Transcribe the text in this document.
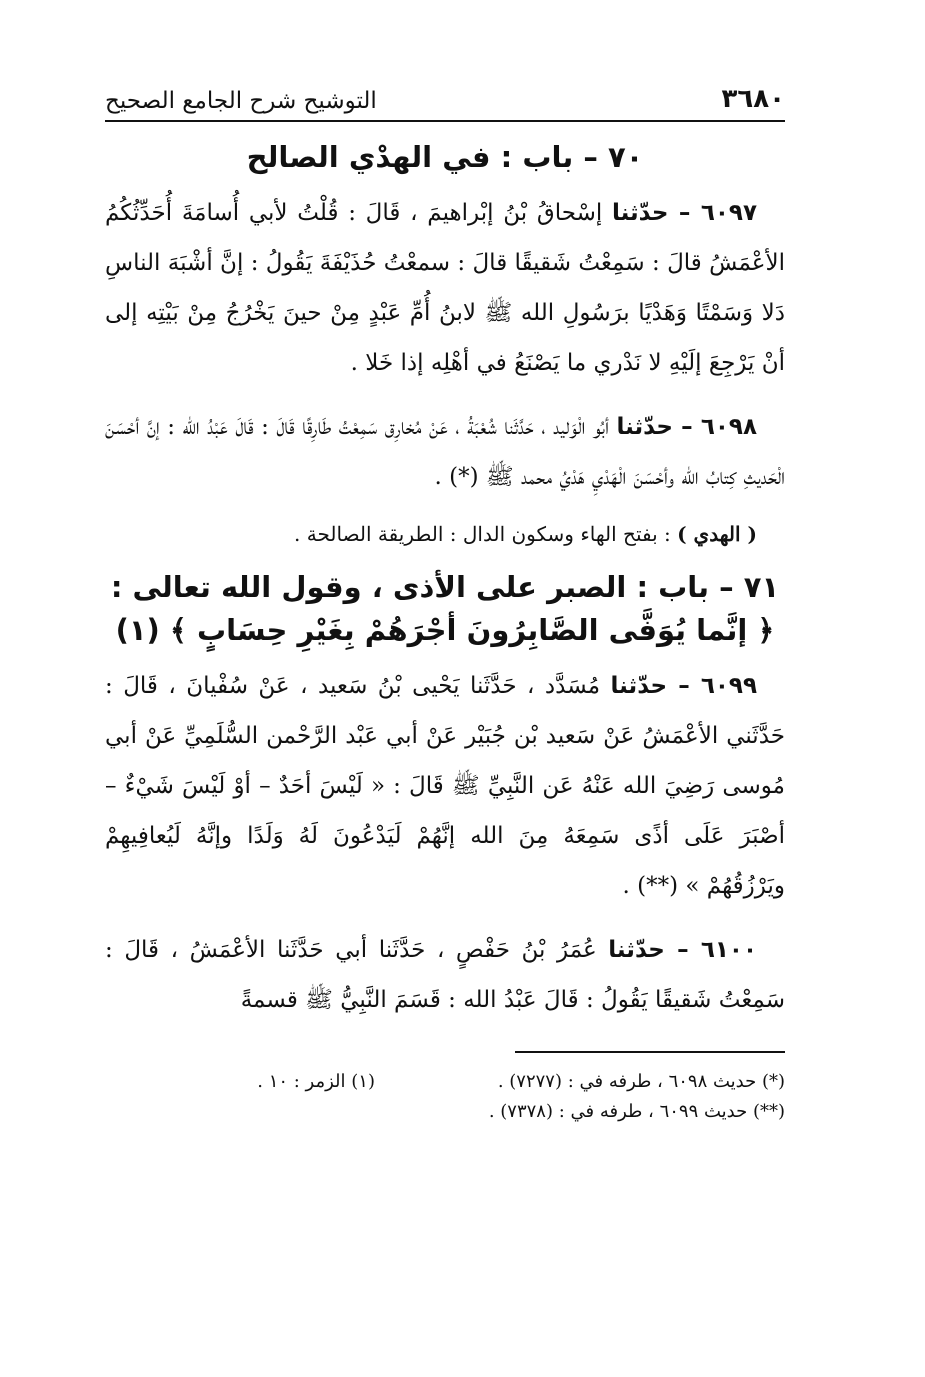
٣٦٨٠
التوشيح شرح الجامع الصحيح
٧٠ – باب : في الهدْي الصالح

٦٠٩٧ – حدّثنا إسْحاقُ بْنُ إبْراهيمَ ، قَالَ : قُلْتُ لأبي أُسامَةَ أُحَدِّثُكُمُ الأعْمَشُ قالَ : سَمِعْتُ شَقيقًا قالَ : سمعْتُ حُذَيْفَةَ يَقُولُ : إنَّ أشْبَهَ الناسِ دَلا وَسَمْتًا وَهَدْيًا برَسُولِ الله ﷺ لابنُ أُمِّ عَبْدٍ مِنْ حينَ يَخْرُجُ مِنْ بَيْتِه إلى أنْ يَرْجِعَ إلَيْهِ لا نَدْري ما يَصْنَعُ في أهْلِه إذا خَلا .

٦٠٩٨ – حدّثنا أبُو الْوَليد ، حَدَّثَنا شُعْبَةُ ، عَنْ مُخارِق سَمِعْتُ طَارِقًا قَالَ : قَالَ عَبْدُ الله : إنَّ أحْسَنَ الْحَديثِ كِتابُ الله وأحْسَنَ الْهَدْيِ هَدْيُ محمد ﷺ (*) .

( الهدي ) : بفتح الهاء وسكون الدال : الطريقة الصالحة .

٧١ – باب : الصبر على الأذى ، وقول الله تعالى : ﴿ إنَّما يُوَفَّى الصَّابِرُونَ أجْرَهُمْ بِغَيْرِ حِسَابٍ ﴾ (١)

٦٠٩٩ – حدّثنا مُسَدَّد ، حَدَّثَنا يَحْيى بْنُ سَعيد ، عَنْ سُفْيانَ ، قَالَ : حَدَّثَني الأعْمَشُ عَنْ سَعيد بْن جُبَيْر عَنْ أبي عَبْد الرَّحْمن السُّلَمِيِّ عَنْ أبي مُوسى رَضِيَ الله عَنْهُ عَن النَّبِيِّ ﷺ قَالَ : « لَيْسَ أحَدٌ – أوْ لَيْسَ شَيْءٌ – أصْبَرَ عَلَى أذًى سَمِعَهُ مِنَ الله إنَّهُمْ لَيَدْعُونَ لَهُ وَلَدًا وإنَّهُ لَيُعافِيهِمْ ويَرْزُقُهُمْ » (**) .

٦١٠٠ – حدّثنا عُمَرُ بْنُ حَفْصٍ ، حَدَّثَنا أبي حَدَّثَنا الأعْمَشُ ، قَالَ : سَمِعْتُ شَقيقًا يَقُولُ : قَالَ عَبْدُ الله : قَسَمَ النَّبِيُّ ﷺ قسمةً

(*) حديث ٦٠٩٨ ، طرفه في : (٧٢٧٧) .
(١) الزمر : ١٠ .
(**) حديث ٦٠٩٩ ، طرفه في : (٧٣٧٨) .
